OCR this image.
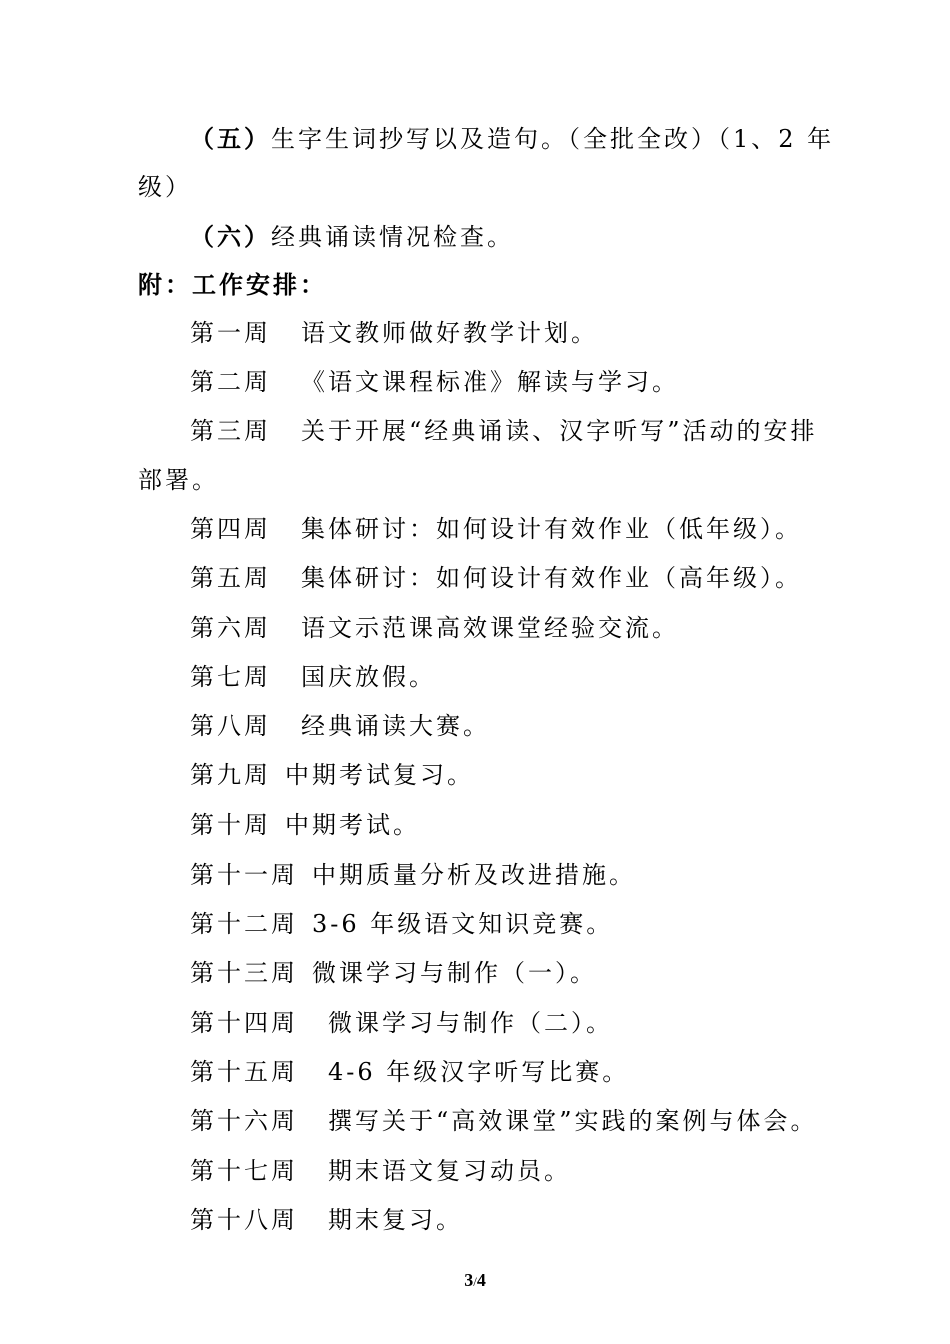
（五）生字生词抄写以及造句。（全批全改）（1、2 年
级）
（六）经典诵读情况检查。
附：工作安排：
第一周 语文教师做好教学计划。
第二周 《语文课程标准》解读与学习。
第三周 关于开展“经典诵读、汉字听写”活动的安排
部署。
第四周 集体研讨：如何设计有效作业（低年级）。
第五周 集体研讨：如何设计有效作业（高年级）。
第六周 语文示范课高效课堂经验交流。
第七周 国庆放假。
第八周 经典诵读大赛。
第九周 中期考试复习。
第十周 中期考试。
第十一周 中期质量分析及改进措施。
第十二周 3-6 年级语文知识竞赛。
第十三周 微课学习与制作（一）。
第十四周 微课学习与制作（二）。
第十五周 4-6 年级汉字听写比赛。
第十六周 撰写关于“高效课堂”实践的案例与体会。
第十七周 期末语文复习动员。
第十八周 期末复习。
3/4
